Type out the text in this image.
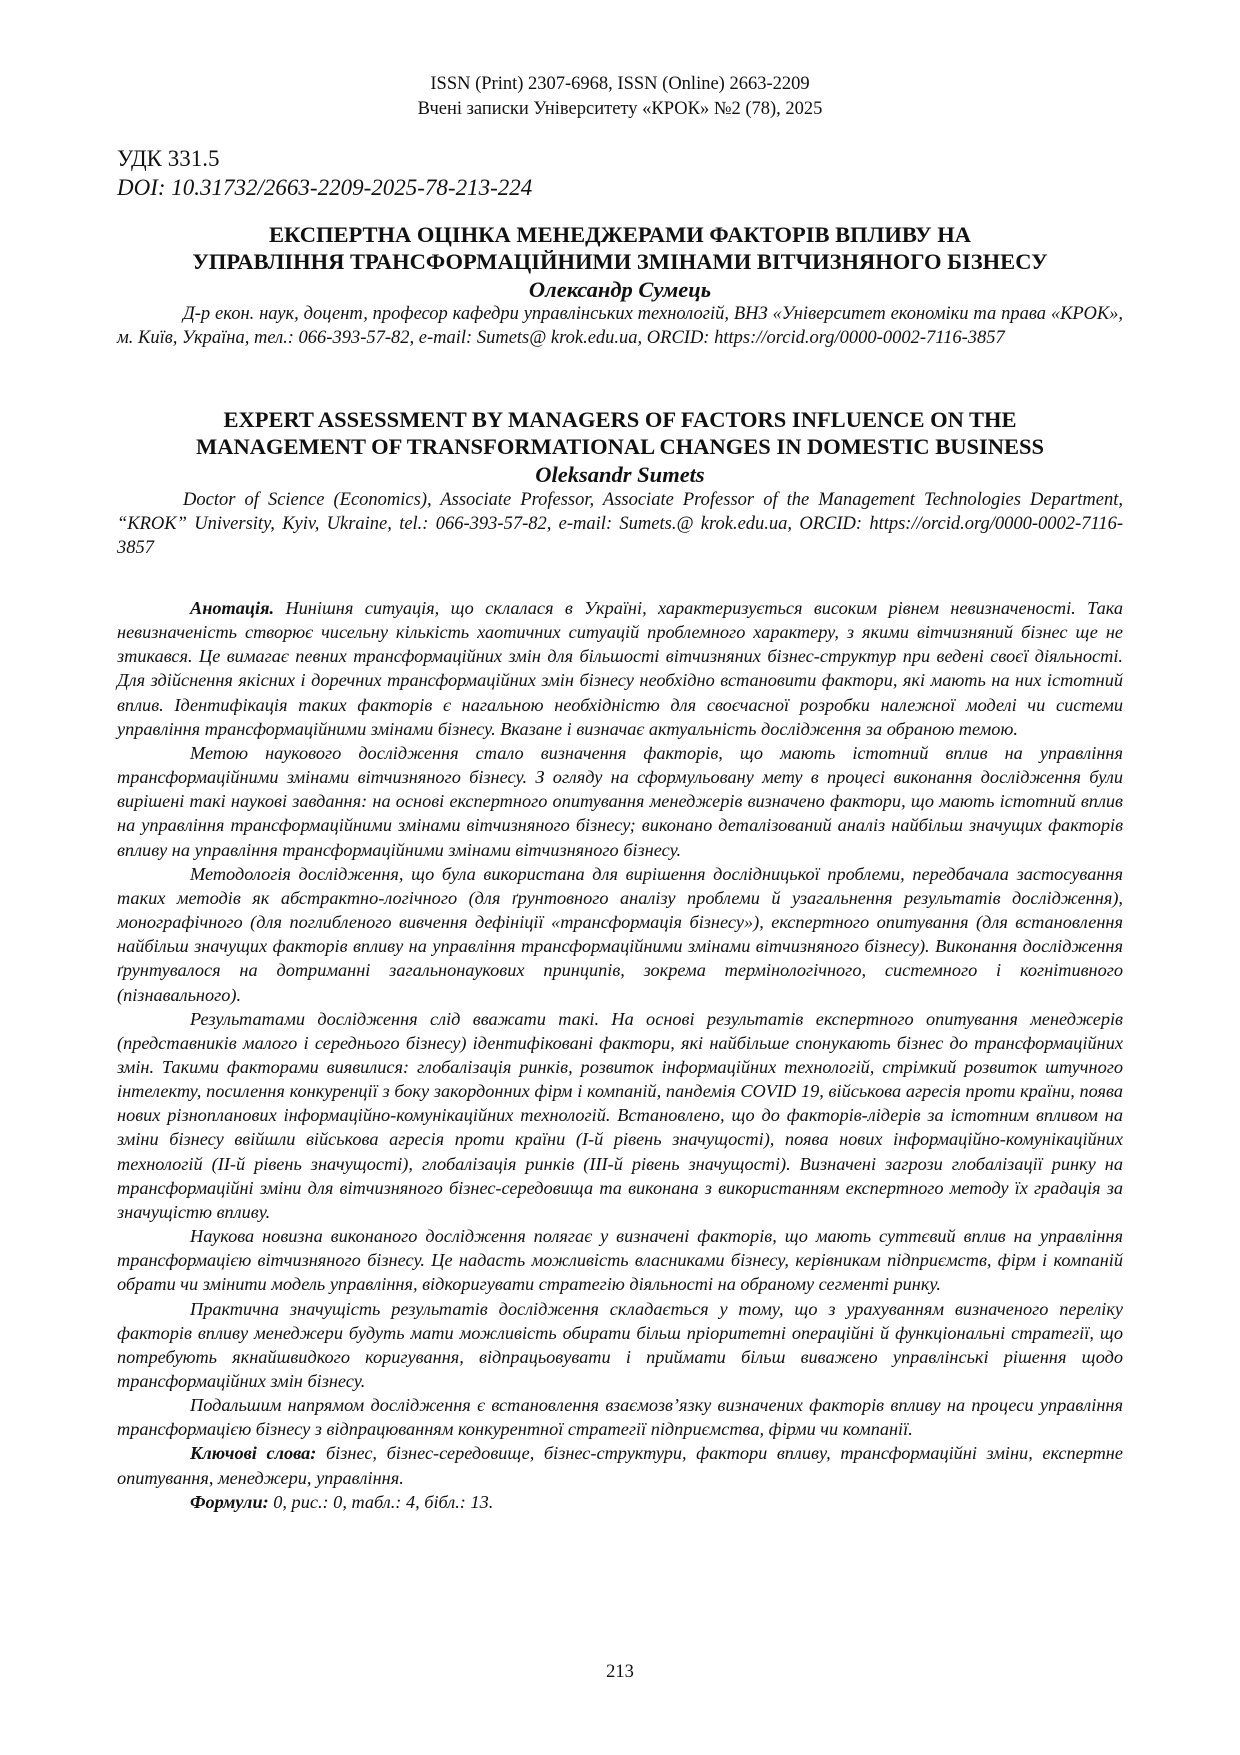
ISSN (Print) 2307-6968, ISSN (Online) 2663-2209
Вчені записки Університету «КРОК» №2 (78), 2025
УДК 331.5
DOI: 10.31732/2663-2209-2025-78-213-224
ЕКСПЕРТНА ОЦІНКА МЕНЕДЖЕРАМИ ФАКТОРІВ ВПЛИВУ НА
УПРАВЛІННЯ ТРАНСФОРМАЦІЙНИМИ ЗМІНАМИ ВІТЧИЗНЯНОГО БІЗНЕСУ
Олександр Сумець
Д-р екон. наук, доцент, професор кафедри управлінських технологій, ВНЗ «Університет економіки та права «КРОК», м. Київ, Україна, тел.: 066-393-57-82, e-mail: Sumets@ krok.edu.ua, ORCID: https://orcid.org/0000-0002-7116-3857
EXPERT ASSESSMENT BY MANAGERS OF FACTORS INFLUENCE ON THE
MANAGEMENT OF TRANSFORMATIONAL CHANGES IN DOMESTIC BUSINESS
Oleksandr Sumets
Doctor of Science (Economics), Associate Professor, Associate Professor of the Management Technologies Department, “KROK” University, Kyiv, Ukraine, tel.: 066-393-57-82, e-mail: Sumets.@ krok.edu.ua, ORCID: https://orcid.org/0000-0002-7116-3857

Анотація. Нинішня ситуація, що склалася в Україні, характеризується високим рівнем невизначеності. Така невизначеність створює чисельну кількість хаотичних ситуацій проблемного характеру, з якими вітчизняний бізнес ще не зтикався. Це вимагає певних трансформаційних змін для більшості вітчизняних бізнес-структур при ведені своєї діяльності. Для здійснення якісних і доречних трансформаційних змін бізнесу необхідно встановити фактори, які мають на них істотний вплив. Ідентифікація таких факторів є нагальною необхідністю для своєчасної розробки належної моделі чи системи управління трансформаційними змінами бізнесу. Вказане і визначає актуальність дослідження за обраною темою.

Метою наукового дослідження стало визначення факторів, що мають істотний вплив на управління трансформаційними змінами вітчизняного бізнесу. З огляду на сформульовану мету в процесі виконання дослідження були вирішені такі наукові завдання: на основі експертного опитування менеджерів визначено фактори, що мають істотний вплив на управління трансформаційними змінами вітчизняного бізнесу; виконано деталізований аналіз найбільш значущих факторів впливу на управління трансформаційними змінами вітчизняного бізнесу.

Методологія дослідження, що була використана для вирішення дослідницької проблеми, передбачала застосування таких методів як абстрактно-логічного (для ґрунтовного аналізу проблеми й узагальнення результатів дослідження), монографічного (для поглибленого вивчення дефініції «трансформація бізнесу»), експертного опитування (для встановлення найбільш значущих факторів впливу на управління трансформаційними змінами вітчизняного бізнесу). Виконання дослідження ґрунтувалося на дотриманні загальнонаукових принципів, зокрема термінологічного, системного і когнітивного (пізнавального).

Результатами дослідження слід вважати такі. На основі результатів експертного опитування менеджерів (представників малого і середнього бізнесу) ідентифіковані фактори, які найбільше спонукають бізнес до трансформаційних змін. Такими факторами виявилися: глобалізація ринків, розвиток інформаційних технологій, стрімкий розвиток штучного інтелекту, посилення конкуренції з боку закордонних фірм і компаній, пандемія COVID 19, військова агресія проти країни, поява нових різнопланових інформаційно-комунікаційних технологій. Встановлено, що до факторів-лідерів за істотним впливом на зміни бізнесу ввійшли військова агресія проти країни (І-й рівень значущості), поява нових інформаційно-комунікаційних технологій (ІІ-й рівень значущості), глобалізація ринків (ІІІ-й рівень значущості). Визначені загрози глобалізації ринку на трансформаційні зміни для вітчизняного бізнес-середовища та виконана з використанням експертного методу їх градація за значущістю впливу.

Наукова новизна виконаного дослідження полягає у визначені факторів, що мають суттєвий вплив на управління трансформацією вітчизняного бізнесу. Це надасть можливість власниками бізнесу, керівникам підприємств, фірм і компаній обрати чи змінити модель управління, відкоригувати стратегію діяльності на обраному сегменті ринку.

Практична значущість результатів дослідження складається у тому, що з урахуванням визначеного переліку факторів впливу менеджери будуть мати можливість обирати більш пріоритетні операційні й функціональні стратегії, що потребують якнайшвидкого коригування, відпрацьовувати і приймати більш виважено управлінські рішення щодо трансформаційних змін бізнесу.

Подальшим напрямом дослідження є встановлення взаємозв’язку визначених факторів впливу на процеси управління трансформацією бізнесу з відпрацюванням конкурентної стратегії підприємства, фірми чи компанії.

Ключові слова: бізнес, бізнес-середовище, бізнес-структури, фактори впливу, трансформаційні зміни, експертне опитування, менеджери, управління.

Формули: 0, рис.: 0, табл.: 4, бібл.: 13.

213
